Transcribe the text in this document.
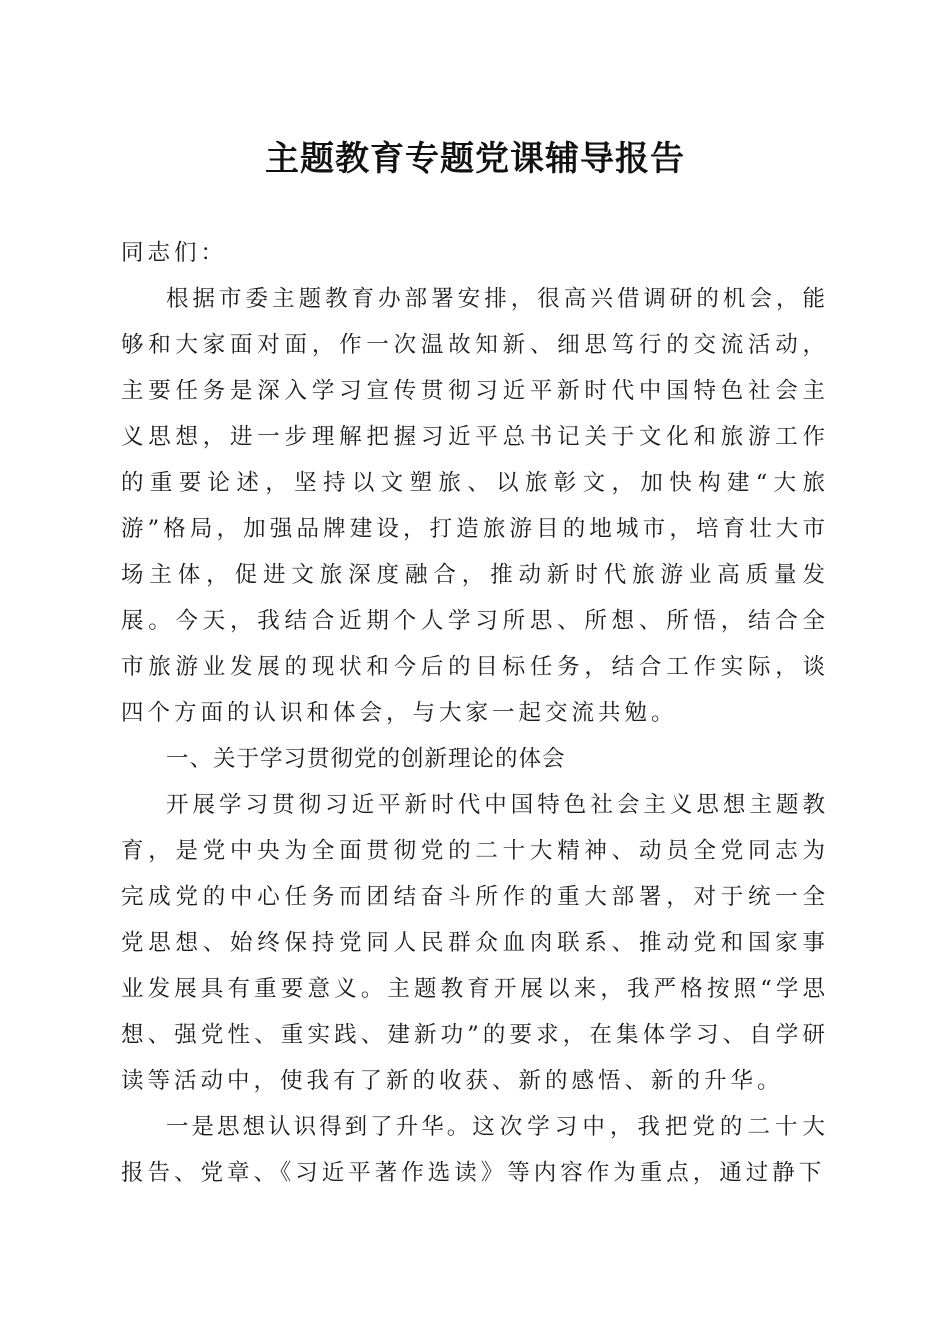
主题教育专题党课辅导报告

同志们：

根据市委主题教育办部署安排，很高兴借调研的机会，能够和大家面对面，作一次温故知新、细思笃行的交流活动，主要任务是深入学习宣传贯彻习近平新时代中国特色社会主义思想，进一步理解把握习近平总书记关于文化和旅游工作的重要论述，坚持以文塑旅、以旅彰文，加快构建“大旅游”格局，加强品牌建设，打造旅游目的地城市，培育壮大市场主体，促进文旅深度融合，推动新时代旅游业高质量发展。今天，我结合近期个人学习所思、所想、所悟，结合全市旅游业发展的现状和今后的目标任务，结合工作实际，谈四个方面的认识和体会，与大家一起交流共勉。

一、关于学习贯彻党的创新理论的体会

开展学习贯彻习近平新时代中国特色社会主义思想主题教育，是党中央为全面贯彻党的二十大精神、动员全党同志为完成党的中心任务而团结奋斗所作的重大部署，对于统一全党思想、始终保持党同人民群众血肉联系、推动党和国家事业发展具有重要意义。主题教育开展以来，我严格按照“学思想、强党性、重实践、建新功”的要求，在集体学习、自学研读等活动中，使我有了新的收获、新的感悟、新的升华。

一是思想认识得到了升华。这次学习中，我把党的二十大报告、党章、《习近平著作选读》等内容作为重点，通过静下
